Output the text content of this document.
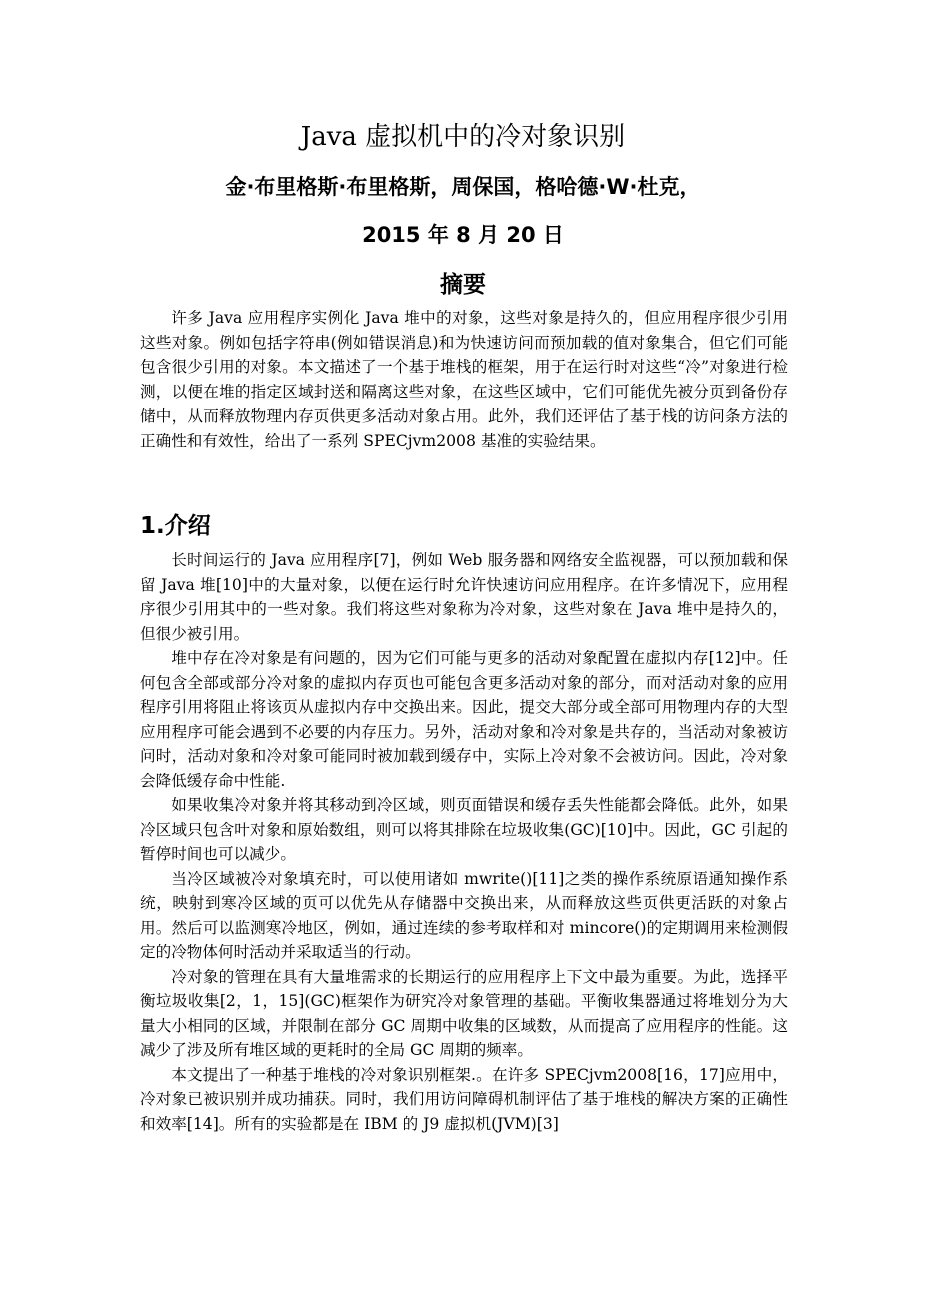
Java 虚拟机中的冷对象识别
金·布里格斯·布里格斯，周保国，格哈德·W·杜克，
2015 年 8 月 20 日
摘要

许多 Java 应用程序实例化 Java 堆中的对象，这些对象是持久的，但应用程序很少引用这些对象。例如包括字符串(例如错误消息)和为快速访问而预加载的值对象集合，但它们可能包含很少引用的对象。本文描述了一个基于堆栈的框架，用于在运行时对这些“冷”对象进行检测，以便在堆的指定区域封送和隔离这些对象，在这些区域中，它们可能优先被分页到备份存储中，从而释放物理内存页供更多活动对象占用。此外，我们还评估了基于栈的访问条方法的正确性和有效性，给出了一系列 SPECjvm2008 基准的实验结果。

1.介绍

长时间运行的 Java 应用程序[7]，例如 Web 服务器和网络安全监视器，可以预加载和保留 Java 堆[10]中的大量对象，以便在运行时允许快速访问应用程序。在许多情况下，应用程序很少引用其中的一些对象。我们将这些对象称为冷对象，这些对象在 Java 堆中是持久的，但很少被引用。

堆中存在冷对象是有问题的，因为它们可能与更多的活动对象配置在虚拟内存[12]中。任何包含全部或部分冷对象的虚拟内存页也可能包含更多活动对象的部分，而对活动对象的应用程序引用将阻止将该页从虚拟内存中交换出来。因此，提交大部分或全部可用物理内存的大型应用程序可能会遇到不必要的内存压力。另外，活动对象和冷对象是共存的，当活动对象被访问时，活动对象和冷对象可能同时被加载到缓存中，实际上冷对象不会被访问。因此，冷对象会降低缓存命中性能.

如果收集冷对象并将其移动到冷区域，则页面错误和缓存丢失性能都会降低。此外，如果冷区域只包含叶对象和原始数组，则可以将其排除在垃圾收集(GC)[10]中。因此，GC 引起的暂停时间也可以减少。

当冷区域被冷对象填充时，可以使用诸如 mwrite()[11]之类的操作系统原语通知操作系统，映射到寒冷区域的页可以优先从存储器中交换出来，从而释放这些页供更活跃的对象占用。然后可以监测寒冷地区，例如，通过连续的参考取样和对 mincore()的定期调用来检测假定的冷物体何时活动并采取适当的行动。

冷对象的管理在具有大量堆需求的长期运行的应用程序上下文中最为重要。为此，选择平衡垃圾收集[2，1，15](GC)框架作为研究冷对象管理的基础。平衡收集器通过将堆划分为大量大小相同的区域，并限制在部分 GC 周期中收集的区域数，从而提高了应用程序的性能。这减少了涉及所有堆区域的更耗时的全局 GC 周期的频率。

本文提出了一种基于堆栈的冷对象识别框架.。在许多 SPECjvm2008[16，17]应用中，冷对象已被识别并成功捕获。同时，我们用访问障碍机制评估了基于堆栈的解决方案的正确性和效率[14]。所有的实验都是在 IBM 的 J9 虚拟机(JVM)[3]
